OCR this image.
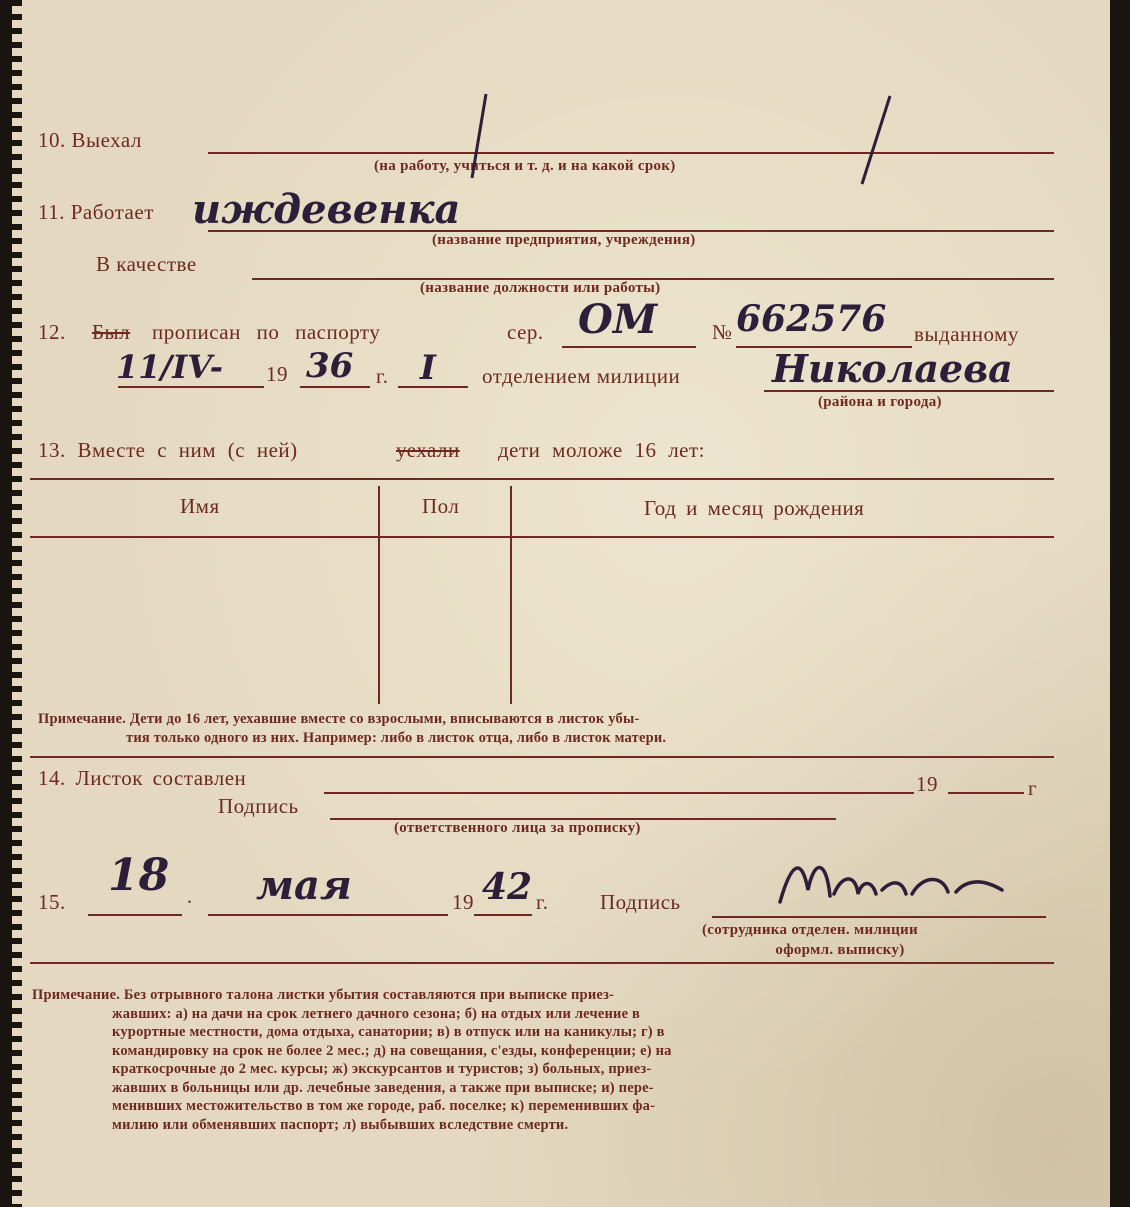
10. Выехал
(на работу, учиться и т. д. и на какой срок)
11. Работает иждевенка
(название предприятия, учреждения)
В качестве
(название должности или работы)
12. Был прописан по паспорту	сер. ОМ	№ 662576 выданному
11/IV- 19 36 г. I отделением милиции Николаева
(района и города)
13. Вместе с ним (с ней)	уехали дети моложе 16 лет:
Имя	Пол	Год и месяц рождения
Примечание. Дети до 16 лет, уехавшие вместе со взрослыми, вписываются в листок убы-
тия только одного из них. Например: либо в листок отца, либо в листок матери.
14. Листок составлен	19	г
Подпись
(ответственного лица за прописку)
15.
18
· мая	19 42 г. Подпись
(сотрудника отделен. милиции
оформл. выписку)
Примечание. Без отрывного талона листки убытия составляются при выписке приез-
жавших: а) на дачи на срок летнего дачного сезона; б) на отдых или лечение в
курортные местности, дома отдыха, санатории; в) в отпуск или на каникулы; г) в
командировку на срок не более 2 мес.; д) на совещания, с'езды, конференции; е) на
краткосрочные до 2 мес. курсы; ж) экскурсантов и туристов; з) больных, приез-
жавших в больницы или др. лечебные заведения, а также при выписке; и) пере-
менивших местожительство в том же городе, раб. поселке; к) переменивших фа-
милию или обменявших паспорт; л) выбывших вследствие смерти.
